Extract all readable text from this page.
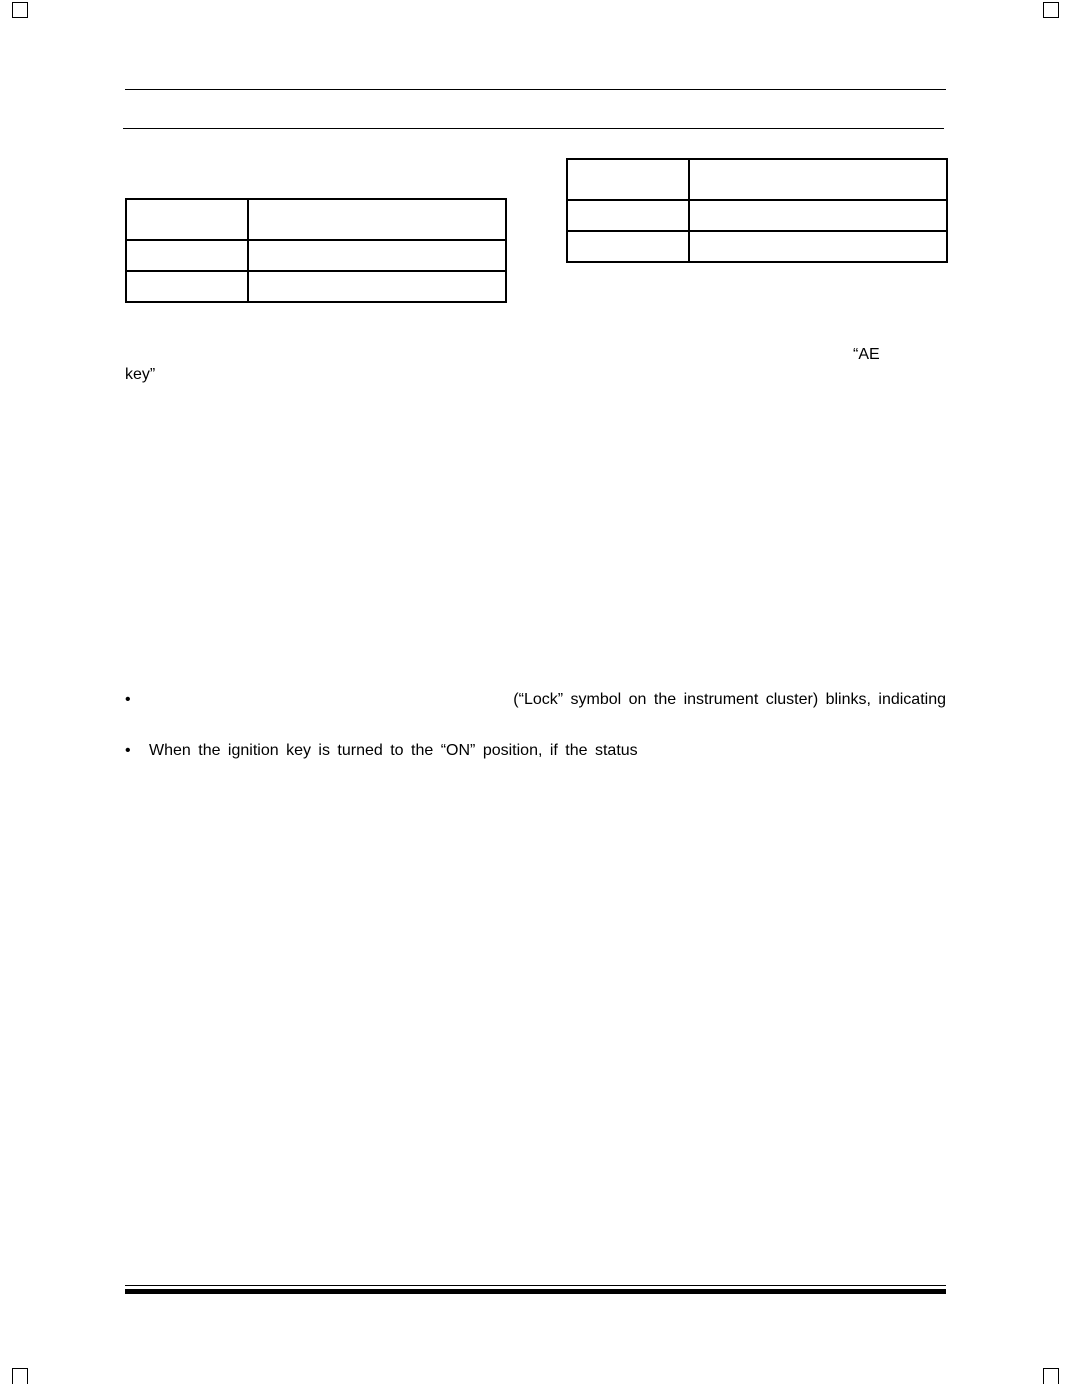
“AE
key”
•	(“Lock” symbol on the instrument cluster) blinks, indicating
•	When the ignition key is turned to the “ON” position, if the status
